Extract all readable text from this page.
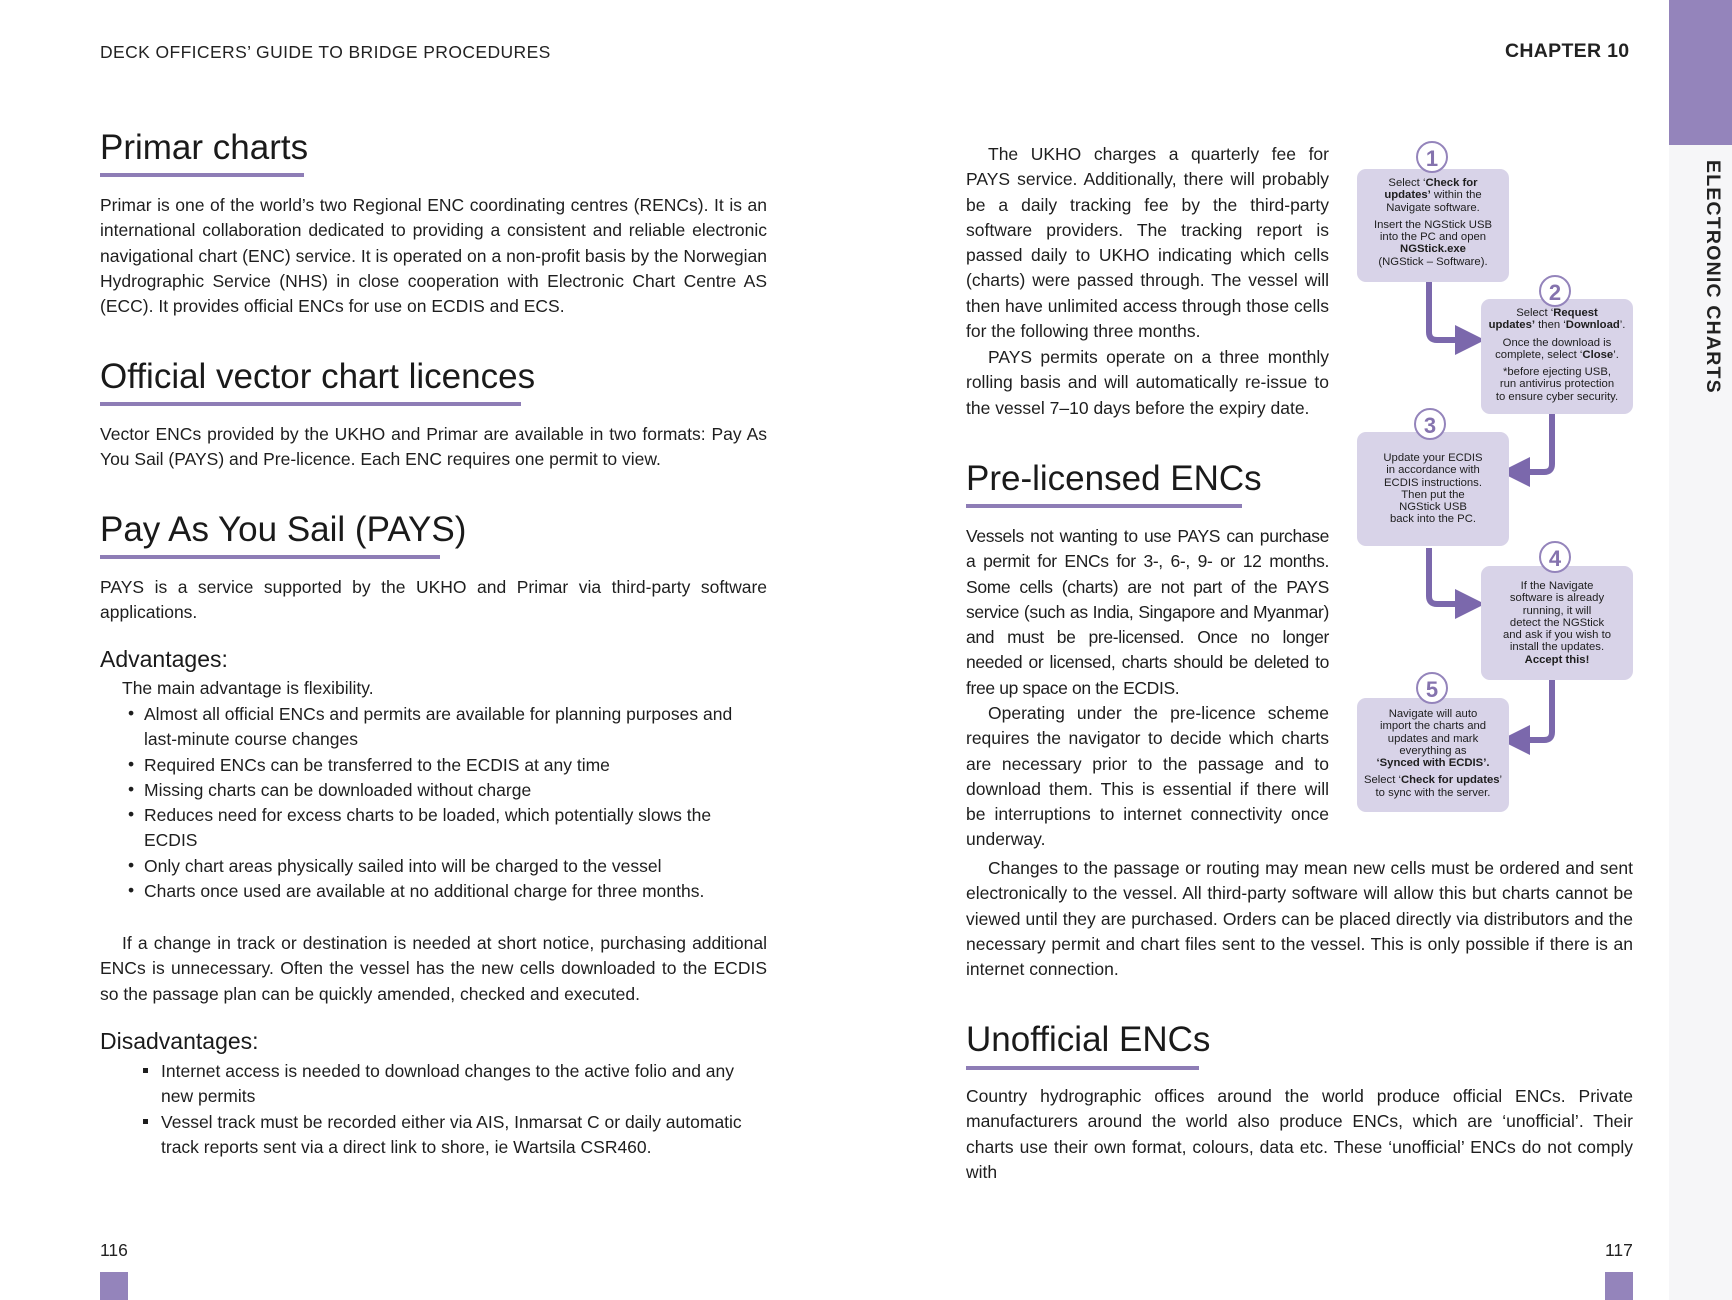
ELECTRONIC CHARTS
DECK OFFICERS’ GUIDE TO BRIDGE PROCEDURES	CHAPTER 10
Primar charts
Primar is one of the world’s two Regional ENC coordinating centres (RENCs). It is an international collaboration dedicated to providing a consistent and reliable electronic navigational chart (ENC) service. It is operated on a non-profit basis by the Norwegian Hydrographic Service (NHS) in close cooperation with Electronic Chart Centre AS (ECC). It provides official ENCs for use on ECDIS and ECS.
Official vector chart licences
Vector ENCs provided by the UKHO and Primar are available in two formats: Pay As You Sail (PAYS) and Pre-licence. Each ENC requires one permit to view.
Pay As You Sail (PAYS)
PAYS is a service supported by the UKHO and Primar via third-party software applications.
Advantages:
The main advantage is flexibility.
• Almost all official ENCs and permits are available for planning purposes and last-minute course changes
• Required ENCs can be transferred to the ECDIS at any time
• Missing charts can be downloaded without charge
• Reduces need for excess charts to be loaded, which potentially slows the ECDIS
• Only chart areas physically sailed into will be charged to the vessel
• Charts once used are available at no additional charge for three months.
If a change in track or destination is needed at short notice, purchasing additional ENCs is unnecessary. Often the vessel has the new cells downloaded to the ECDIS so the passage plan can be quickly amended, checked and executed.
Disadvantages:
Internet access is needed to download changes to the active folio and any new permits
Vessel track must be recorded either via AIS, Inmarsat C or daily automatic track reports sent via a direct link to shore, ie Wartsila CSR460.
116
The UKHO charges a quarterly fee for PAYS service. Additionally, there will probably be a daily tracking fee by the third-party software providers. The tracking report is passed daily to UKHO indicating which cells (charts) were passed through. The vessel will then have unlimited access through those cells for the following three months.
PAYS permits operate on a three monthly rolling basis and will automatically re-issue to the vessel 7–10 days before the expiry date.
Pre-licensed ENCs
Vessels not wanting to use PAYS can purchase a permit for ENCs for 3-, 6-, 9- or 12 months. Some cells (charts) are not part of the PAYS service (such as India, Singapore and Myanmar) and must be pre-licensed. Once no longer needed or licensed, charts should be deleted to free up space on the ECDIS.
Operating under the pre-licence scheme requires the navigator to decide which charts are necessary prior to the passage and to download them. This is essential if there will be interruptions to internet connectivity once underway.
Changes to the passage or routing may mean new cells must be ordered and sent electronically to the vessel. All third-party software will allow this but charts cannot be viewed until they are purchased. Orders can be placed directly via distributors and the necessary permit and chart files sent to the vessel. This is only possible if there is an internet connection.
Unofficial ENCs
Country hydrographic offices around the world produce official ENCs. Private manufacturers around the world also produce ENCs, which are ‘unofficial’. Their charts use their own format, colours, data etc. These ‘unofficial’ ENCs do not comply with
Select ‘Check for
updates’ within the
Navigate software.
Insert the NGStick USB
into the PC and open
NGStick.exe
(NGStick – Software).
1
Select ‘Request
updates’ then ‘Download’.
Once the download is
complete, select ‘Close’.
*before ejecting USB,
run antivirus protection
to ensure cyber security.
2
Update your ECDIS
in accordance with
ECDIS instructions.
Then put the
NGStick USB
back into the PC.
3
If the Navigate
software is already
running, it will
detect the NGStick
and ask if you wish to
install the updates.
Accept this!
4
Navigate will auto
import the charts and
updates and mark
everything as
‘Synced with ECDIS’.
Select ‘Check for updates’
to sync with the server.
5
117
